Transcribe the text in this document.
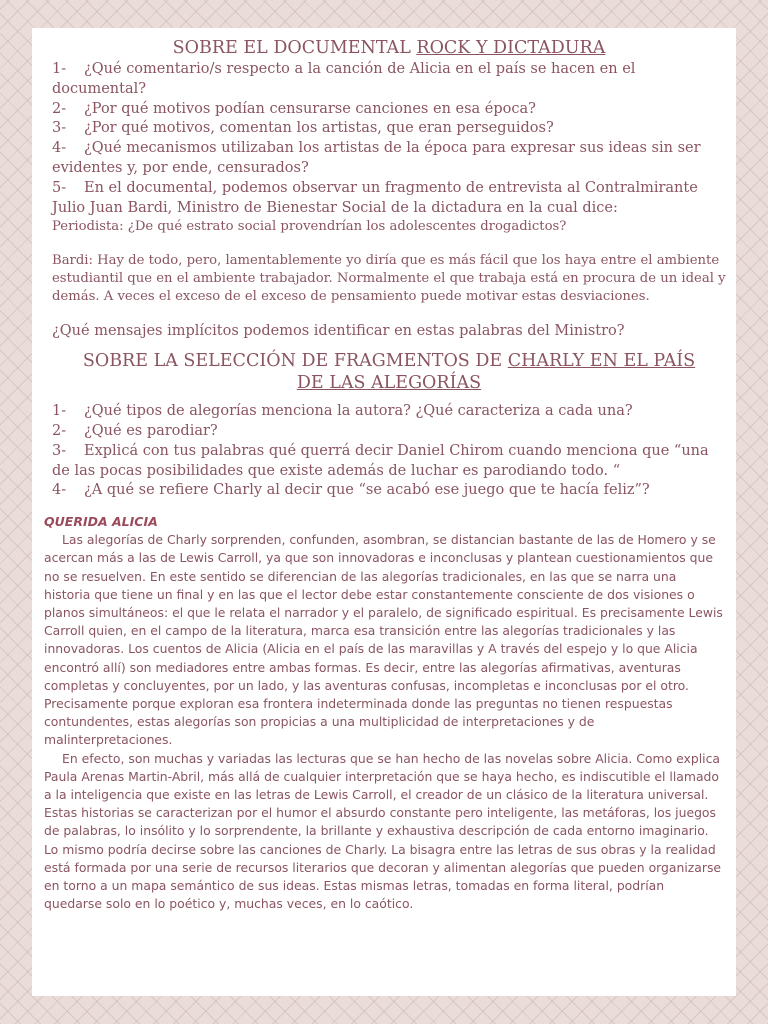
SOBRE EL DOCUMENTAL ROCK Y DICTADURA

1- ¿Qué comentario/s respecto a la canción de Alicia en el país se hacen en el documental?

2- ¿Por qué motivos podían censurarse canciones en esa época?

3- ¿Por qué motivos, comentan los artistas, que eran perseguidos?

4- ¿Qué mecanismos utilizaban los artistas de la época para expresar sus ideas sin ser evidentes y, por ende, censurados?

5- En el documental, podemos observar un fragmento de entrevista al Contralmirante Julio Juan Bardi, Ministro de Bienestar Social de la dictadura en la cual dice:

Periodista: ¿De qué estrato social provendrían los adolescentes drogadictos?

Bardi: Hay de todo, pero, lamentablemente yo diría que es más fácil que los haya entre el ambiente estudiantil que en el ambiente trabajador. Normalmente el que trabaja está en procura de un ideal y demás. A veces el exceso de el exceso de pensamiento puede motivar estas desviaciones.

¿Qué mensajes implícitos podemos identificar en estas palabras del Ministro?

SOBRE LA SELECCIÓN DE FRAGMENTOS DE CHARLY EN EL PAÍS
DE LAS ALEGORÍAS

1- ¿Qué tipos de alegorías menciona la autora? ¿Qué caracteriza a cada una?

2- ¿Qué es parodiar?

3- Explicá con tus palabras qué querrá decir Daniel Chirom cuando menciona que “una de las pocas posibilidades que existe además de luchar es parodiando todo. “

4- ¿A qué se refiere Charly al decir que “se acabó ese juego que te hacía feliz”?

QUERIDA ALICIA

Las alegorías de Charly sorprenden, confunden, asombran, se distancian bastante de las de Homero y se acercan más a las de Lewis Carroll, ya que son innovadoras e inconclusas y plantean cuestionamientos que no se resuelven. En este sentido se diferencian de las alegorías tradicionales, en las que se narra una historia que tiene un final y en las que el lector debe estar constantemente consciente de dos visiones o planos simultáneos: el que le relata el narrador y el paralelo, de significado espiritual. Es precisamente Lewis Carroll quien, en el campo de la literatura, marca esa transición entre las alegorías tradicionales y las innovadoras. Los cuentos de Alicia (Alicia en el país de las maravillas y A través del espejo y lo que Alicia encontró allí) son mediadores entre ambas formas. Es decir, entre las alegorías afirmativas, aventuras completas y concluyentes, por un lado, y las aventuras confusas, incompletas e inconclusas por el otro. Precisamente porque exploran esa frontera indeterminada donde las preguntas no tienen respuestas contundentes, estas alegorías son propicias a una multiplicidad de interpretaciones y de malinterpretaciones.

En efecto, son muchas y variadas las lecturas que se han hecho de las novelas sobre Alicia. Como explica Paula Arenas Martin-Abril, más allá de cualquier interpretación que se haya hecho, es indiscutible el llamado a la inteligencia que existe en las letras de Lewis Carroll, el creador de un clásico de la literatura universal. Estas historias se caracterizan por el humor el absurdo constante pero inteligente, las metáforas, los juegos de palabras, lo insólito y lo sorprendente, la brillante y exhaustiva descripción de cada entorno imaginario. Lo mismo podría decirse sobre las canciones de Charly. La bisagra entre las letras de sus obras y la realidad está formada por una serie de recursos literarios que decoran y alimentan alegorías que pueden organizarse en torno a un mapa semántico de sus ideas. Estas mismas letras, tomadas en forma literal, podrían quedarse solo en lo poético y, muchas veces, en lo caótico.
